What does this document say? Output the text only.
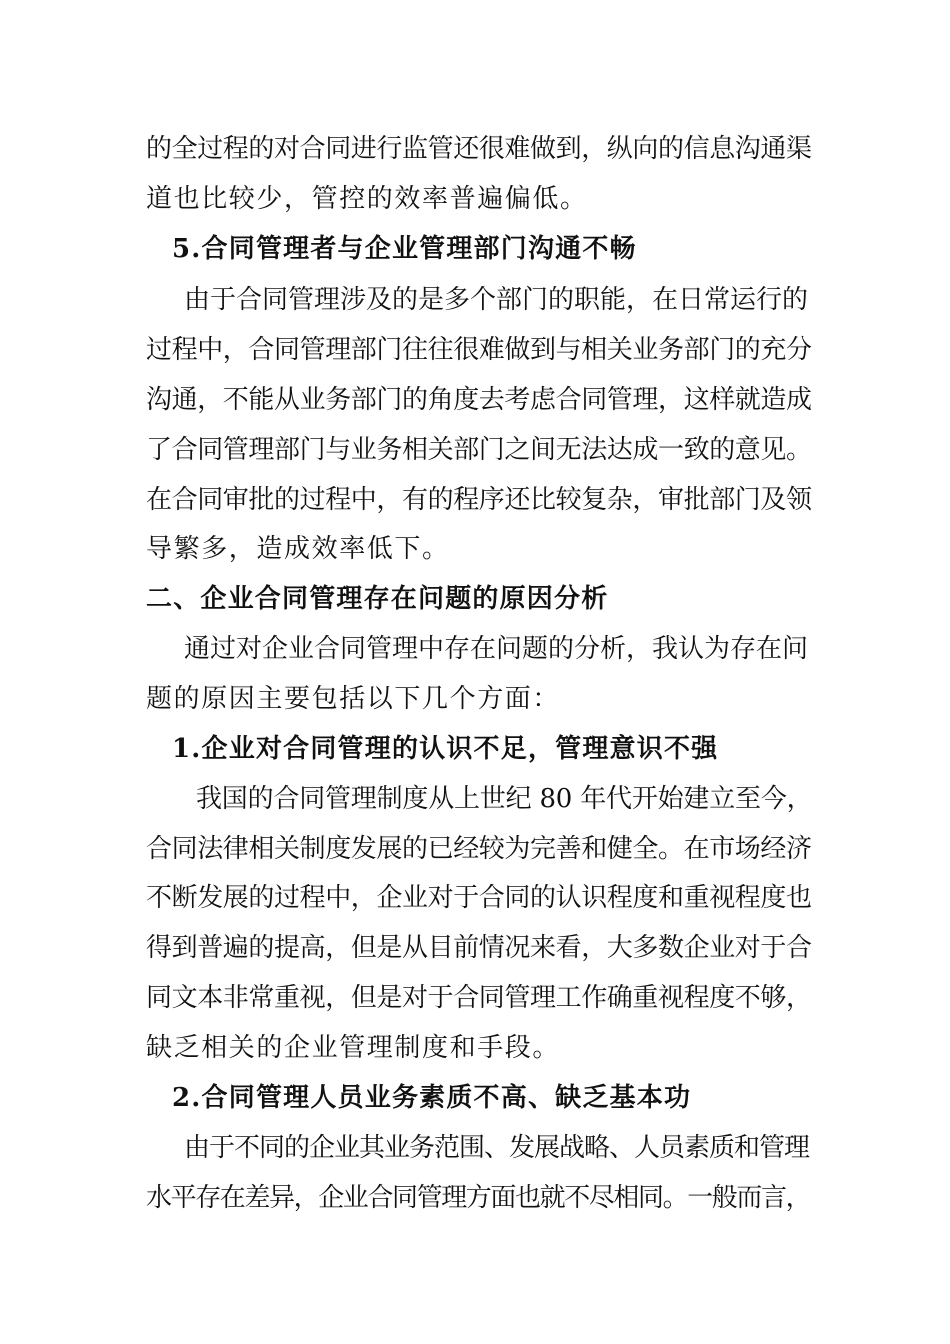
的全过程的对合同进行监管还很难做到，纵向的信息沟通渠
道也比较少，管控的效率普遍偏低。
5.合同管理者与企业管理部门沟通不畅
由于合同管理涉及的是多个部门的职能，在日常运行的
过程中，合同管理部门往往很难做到与相关业务部门的充分
沟通，不能从业务部门的角度去考虑合同管理，这样就造成
了合同管理部门与业务相关部门之间无法达成一致的意见。
在合同审批的过程中，有的程序还比较复杂，审批部门及领
导繁多，造成效率低下。
二、企业合同管理存在问题的原因分析
通过对企业合同管理中存在问题的分析，我认为存在问
题的原因主要包括以下几个方面：
1.企业对合同管理的认识不足，管理意识不强
我国的合同管理制度从上世纪 80 年代开始建立至今，
合同法律相关制度发展的已经较为完善和健全。在市场经济
不断发展的过程中，企业对于合同的认识程度和重视程度也
得到普遍的提高，但是从目前情况来看，大多数企业对于合
同文本非常重视，但是对于合同管理工作确重视程度不够，
缺乏相关的企业管理制度和手段。
2.合同管理人员业务素质不高、缺乏基本功
由于不同的企业其业务范围、发展战略、人员素质和管理
水平存在差异，企业合同管理方面也就不尽相同。一般而言，
